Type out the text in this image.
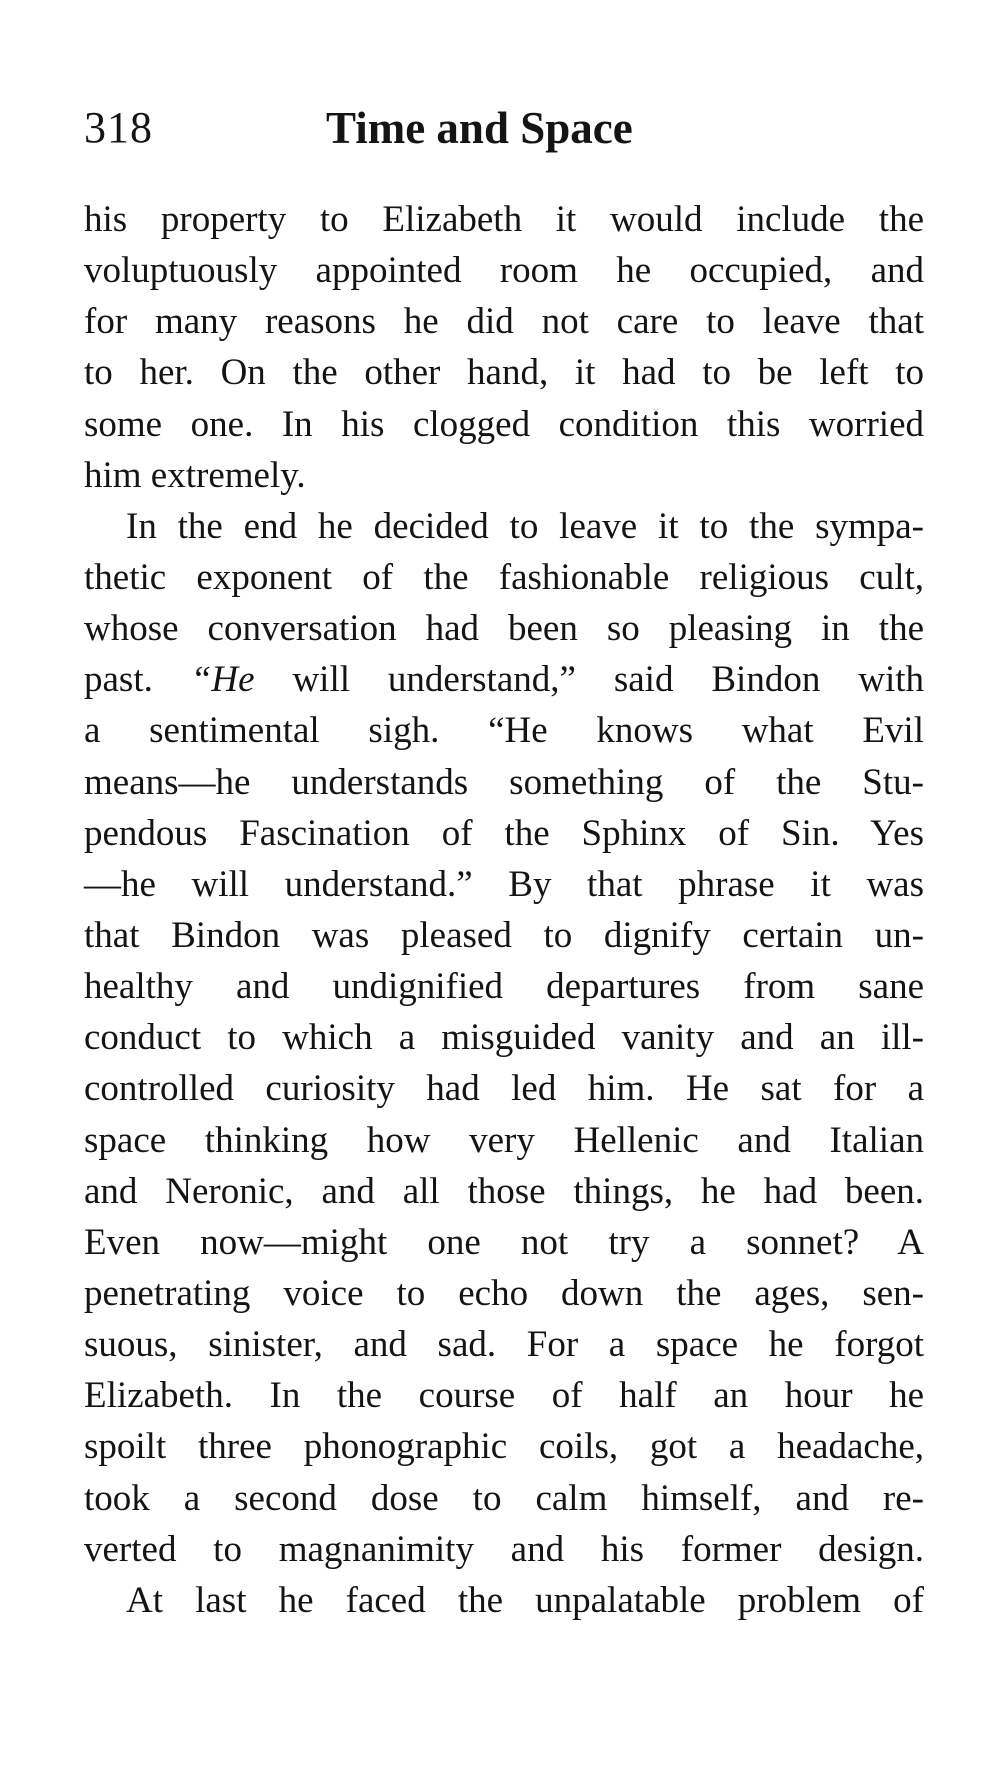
318	Time and Space
his property to Elizabeth it would include the
voluptuously appointed room he occupied, and
for many reasons he did not care to leave that
to her. On the other hand, it had to be left to
some one. In his clogged condition this worried
him extremely.
In the end he decided to leave it to the sympa-
thetic exponent of the fashionable religious cult,
whose conversation had been so pleasing in the
past. “He will understand,” said Bindon with
a sentimental sigh. “He knows what Evil
means—he understands something of the Stu-
pendous Fascination of the Sphinx of Sin. Yes
—he will understand.” By that phrase it was
that Bindon was pleased to dignify certain un-
healthy and undignified departures from sane
conduct to which a misguided vanity and an ill-
controlled curiosity had led him. He sat for a
space thinking how very Hellenic and Italian
and Neronic, and all those things, he had been.
Even now—might one not try a sonnet? A
penetrating voice to echo down the ages, sen-
suous, sinister, and sad. For a space he forgot
Elizabeth. In the course of half an hour he
spoilt three phonographic coils, got a headache,
took a second dose to calm himself, and re-
verted to magnanimity and his former design.
At last he faced the unpalatable problem of
